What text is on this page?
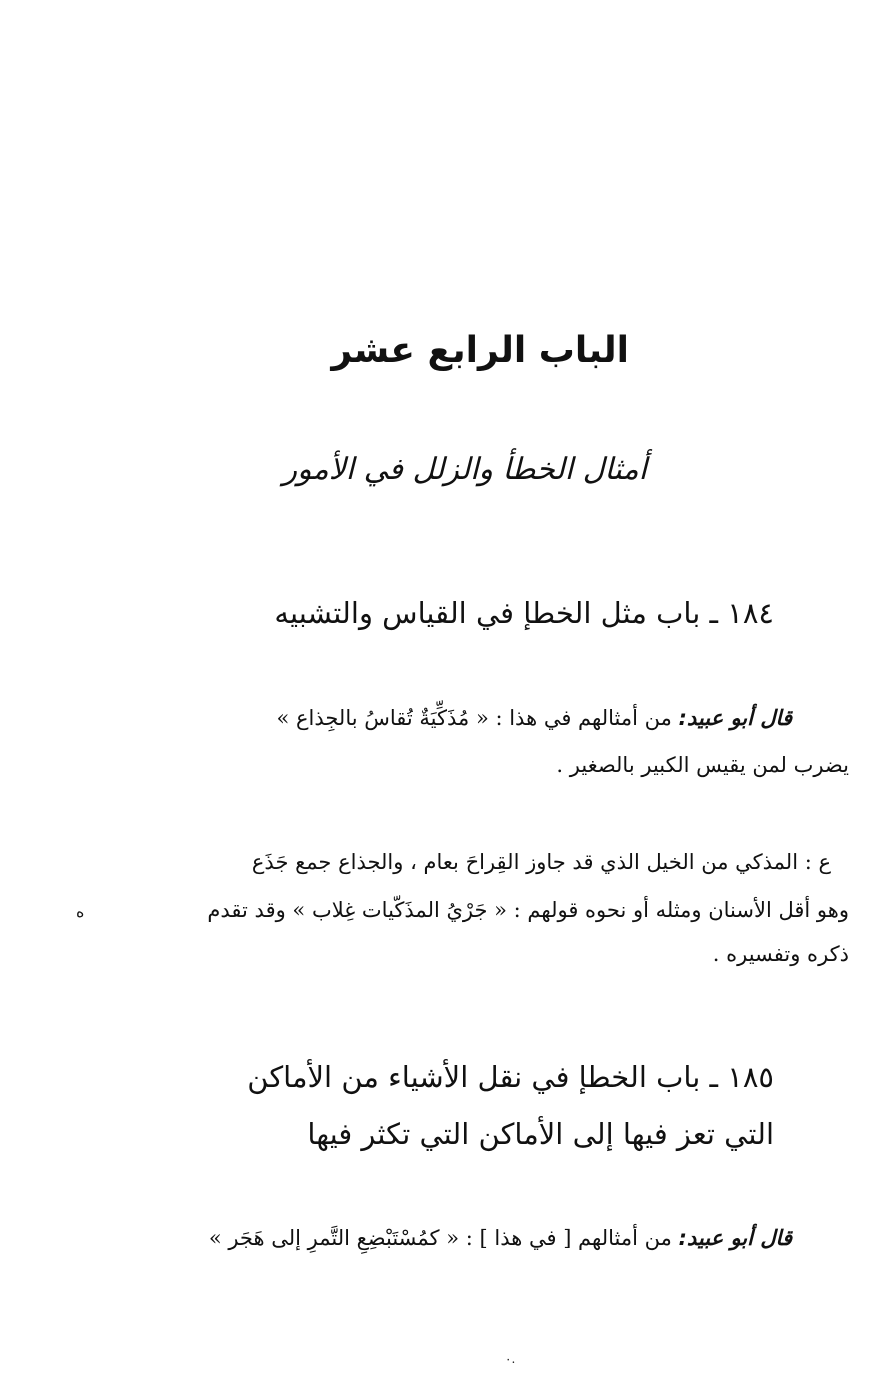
الباب الرابع عشر
أمثال الخطأ والزلل في الأمور
١٨٤ ـ باب مثل الخطإ في القياس والتشبيه
قال أبو عبيد: من أمثالهم في هذا : « مُذَكِّيَةٌ تُقاسُ بالجِذاع »
يضرب لمن يقيس الكبير بالصغير .
ع : المذكي من الخيل الذي قد جاوز القِراحَ بعام ، والجذاع جمع جَذَع
وهو أقل الأسنان ومثله أو نحوه قولهم : « جَرْيُ المذَكّيات غِلاب » وقد تقدم
ذكره وتفسيره .
ه
١٨٥ ـ باب الخطإ في نقل الأشياء من الأماكن
التي تعز فيها إلى الأماكن التي تكثر فيها
قال أبو عبيد: من أمثالهم [ في هذا ] : « كمُسْتَبْضِعِ التَّمرِ إلى هَجَر »
٠.
